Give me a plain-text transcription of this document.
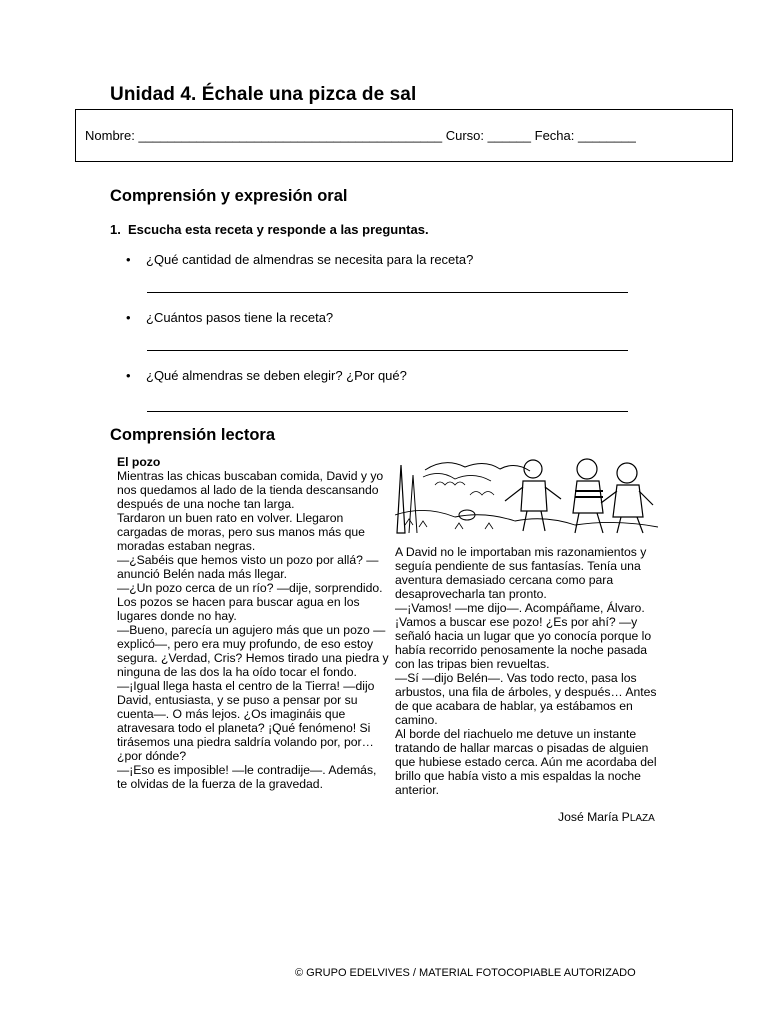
Unidad 4. Échale una pizca de sal
Nombre: __________________________________________ Curso: ______ Fecha: ________
Comprensión y expresión oral
1. Escucha esta receta y responde a las preguntas.
• ¿Qué cantidad de almendras se necesita para la receta?
• ¿Cuántos pasos tiene la receta?
• ¿Qué almendras se deben elegir? ¿Por qué?
Comprensión lectora
El pozo

Mientras las chicas buscaban comida, David y yo nos quedamos al lado de la tienda descansando después de una noche tan larga.

Tardaron un buen rato en volver. Llegaron cargadas de moras, pero sus manos más que moradas estaban negras.

—¿Sabéis que hemos visto un pozo por allá? —anunció Belén nada más llegar.

—¿Un pozo cerca de un río? —dije, sorprendido. Los pozos se hacen para buscar agua en los lugares donde no hay.

—Bueno, parecía un agujero más que un pozo —explicó—, pero era muy profundo, de eso estoy segura. ¿Verdad, Cris? Hemos tirado una piedra y ninguna de las dos la ha oído tocar el fondo.

—¡Igual llega hasta el centro de la Tierra! —dijo David, entusiasta, y se puso a pensar por su cuenta—. O más lejos. ¿Os imagináis que atravesara todo el planeta? ¡Qué fenómeno! Si tirásemos una piedra saldría volando por, por… ¿por dónde?

—¡Eso es imposible! —le contradije—. Además, te olvidas de la fuerza de la gravedad.

A David no le importaban mis razonamientos y seguía pendiente de sus fantasías. Tenía una aventura demasiado cercana como para desaprovecharla tan pronto.

—¡Vamos! —me dijo—. Acompáñame, Álvaro. ¡Vamos a buscar ese pozo! ¿Es por ahí? —y señaló hacia un lugar que yo conocía porque lo había recorrido penosamente la noche pasada con las tripas bien revueltas.

—Sí —dijo Belén—. Vas todo recto, pasa los arbustos, una fila de árboles, y después… Antes de que acabara de hablar, ya estábamos en camino.

Al borde del riachuelo me detuve un instante tratando de hallar marcas o pisadas de alguien que hubiese estado cerca. Aún me acordaba del brillo que había visto a mis espaldas la noche anterior.

José María PLAZA
© GRUPO EDELVIVES / MATERIAL FOTOCOPIABLE AUTORIZADO
